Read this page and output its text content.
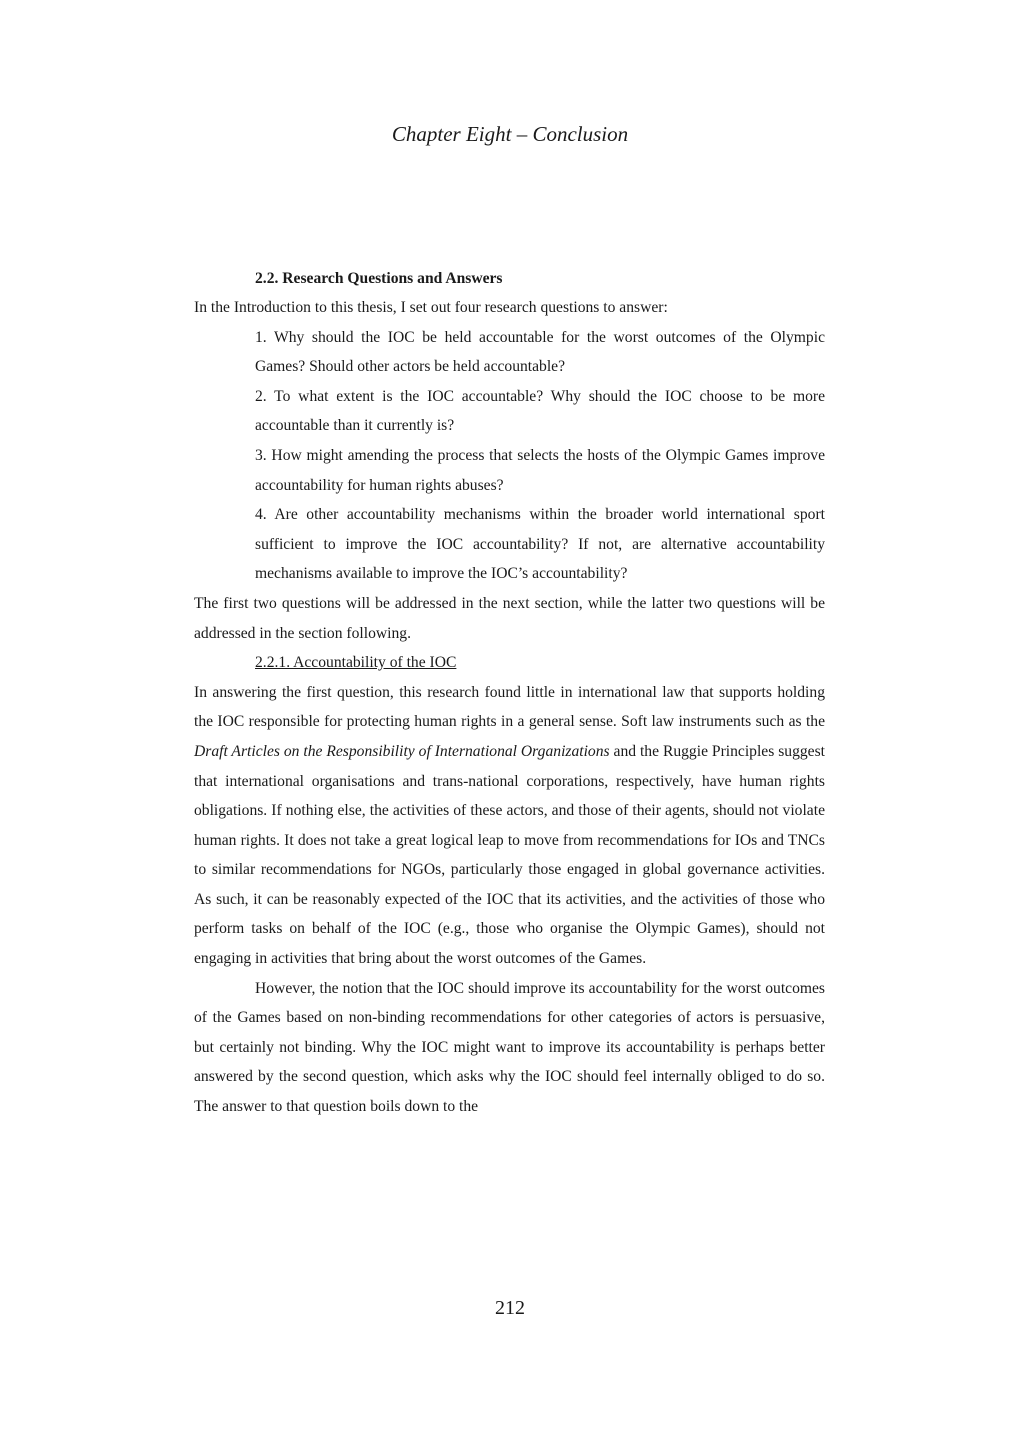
Chapter Eight – Conclusion
2.2. Research Questions and Answers

In the Introduction to this thesis, I set out four research questions to answer:

1. Why should the IOC be held accountable for the worst outcomes of the Olympic Games? Should other actors be held accountable?
2. To what extent is the IOC accountable? Why should the IOC choose to be more accountable than it currently is?
3. How might amending the process that selects the hosts of the Olympic Games improve accountability for human rights abuses?
4. Are other accountability mechanisms within the broader world international sport sufficient to improve the IOC accountability? If not, are alternative accountability mechanisms available to improve the IOC’s accountability?

The first two questions will be addressed in the next section, while the latter two questions will be addressed in the section following.

2.2.1. Accountability of the IOC

In answering the first question, this research found little in international law that supports holding the IOC responsible for protecting human rights in a general sense. Soft law instruments such as the Draft Articles on the Responsibility of International Organizations and the Ruggie Principles suggest that international organisations and trans-national corporations, respectively, have human rights obligations. If nothing else, the activities of these actors, and those of their agents, should not violate human rights. It does not take a great logical leap to move from recommendations for IOs and TNCs to similar recommendations for NGOs, particularly those engaged in global governance activities. As such, it can be reasonably expected of the IOC that its activities, and the activities of those who perform tasks on behalf of the IOC (e.g., those who organise the Olympic Games), should not engaging in activities that bring about the worst outcomes of the Games.

However, the notion that the IOC should improve its accountability for the worst outcomes of the Games based on non-binding recommendations for other categories of actors is persuasive, but certainly not binding. Why the IOC might want to improve its accountability is perhaps better answered by the second question, which asks why the IOC should feel internally obliged to do so. The answer to that question boils down to the

212
